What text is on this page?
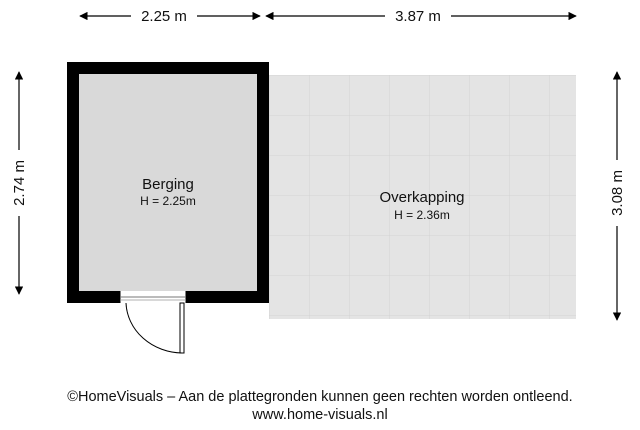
2.25 m	3.87 m
2.74 m	3.08 m
Berging
H = 2.25m	Overkapping
H = 2.36m
©HomeVisuals – Aan de plattegronden kunnen geen rechten worden ontleend.
www.home-visuals.nl
